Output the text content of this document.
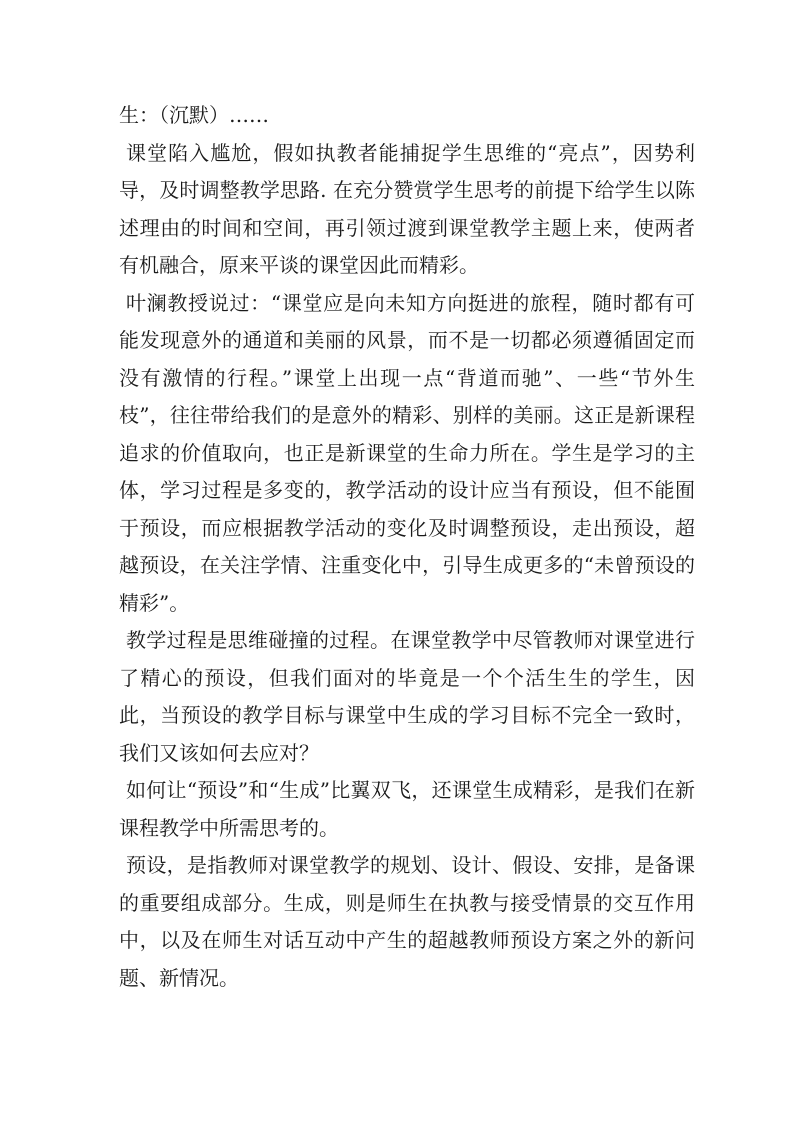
生：（沉默）……

课堂陷入尴尬，假如执教者能捕捉学生思维的“亮点”，因势利导，及时调整教学思路. 在充分赞赏学生思考的前提下给学生以陈述理由的时间和空间，再引领过渡到课堂教学主题上来，使两者有机融合，原来平谈的课堂因此而精彩。

叶澜教授说过：“课堂应是向未知方向挺进的旅程，随时都有可能发现意外的通道和美丽的风景，而不是一切都必须遵循固定而没有激情的行程。”课堂上出现一点“背道而驰”、一些“节外生枝”，往往带给我们的是意外的精彩、别样的美丽。这正是新课程追求的价值取向，也正是新课堂的生命力所在。学生是学习的主体，学习过程是多变的，教学活动的设计应当有预设，但不能囿于预设，而应根据教学活动的变化及时调整预设，走出预设，超越预设，在关注学情、注重变化中，引导生成更多的“未曾预设的精彩”。

教学过程是思维碰撞的过程。在课堂教学中尽管教师对课堂进行了精心的预设，但我们面对的毕竟是一个个活生生的学生，因此，当预设的教学目标与课堂中生成的学习目标不完全一致时，我们又该如何去应对？

如何让“预设”和“生成”比翼双飞，还课堂生成精彩，是我们在新课程教学中所需思考的。

预设，是指教师对课堂教学的规划、设计、假设、安排，是备课的重要组成部分。生成，则是师生在执教与接受情景的交互作用中，以及在师生对话互动中产生的超越教师预设方案之外的新问题、新情况。
